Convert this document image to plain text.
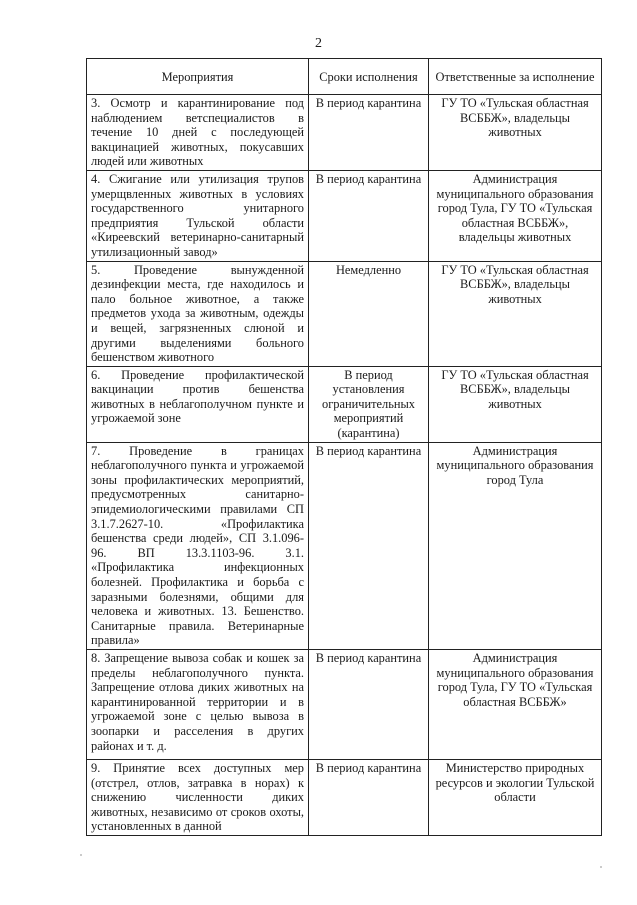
2
Мероприятия	Сроки исполнения	Ответственные за исполнение
3. Осмотр и карантинирование под наблюдением ветспециалистов в течение 10 дней с последующей вакцинацией животных, покусавших людей или животных	В период карантина	ГУ ТО «Тульская областная ВСББЖ», владельцы животных
4. Сжигание или утилизация трупов умерщвленных животных в условиях государственного унитарного предприятия Тульской области «Киреевский ветеринарно-санитарный утилизационный завод»	В период карантина	Администрация муниципального образования город Тула, ГУ ТО «Тульская областная ВСББЖ», владельцы животных
5. Проведение вынужденной дезинфекции места, где находилось и пало больное животное, а также предметов ухода за животным, одежды и вещей, загрязненных слюной и другими выделениями больного бешенством животного	Немедленно	ГУ ТО «Тульская областная ВСББЖ», владельцы животных
6. Проведение профилактической вакцинации против бешенства животных в неблагополучном пункте и угрожаемой зоне	В период установления ограничительных мероприятий (карантина)	ГУ ТО «Тульская областная ВСББЖ», владельцы животных
7. Проведение в границах неблагополучного пункта и угрожаемой зоны профилактических мероприятий, предусмотренных санитарно-эпидемиологическими правилами СП 3.1.7.2627-10. «Профилактика бешенства среди людей», СП 3.1.096-96. ВП 13.3.1103-96. 3.1. «Профилактика инфекционных болезней. Профилактика и борьба с заразными болезнями, общими для человека и животных. 13. Бешенство. Санитарные правила. Ветеринарные правила»	В период карантина	Администрация муниципального образования город Тула
8. Запрещение вывоза собак и кошек за пределы неблагополучного пункта. Запрещение отлова диких животных на карантинированной территории и в угрожаемой зоне с целью вывоза в зоопарки и расселения в других районах и т. д.	В период карантина	Администрация муниципального образования город Тула, ГУ ТО «Тульская областная ВСББЖ»
9. Принятие всех доступных мер (отстрел, отлов, затравка в норах) к снижению численности диких животных, независимо от сроков охоты, установленных в данной	В период карантина	Министерство природных ресурсов и экологии Тульской области
